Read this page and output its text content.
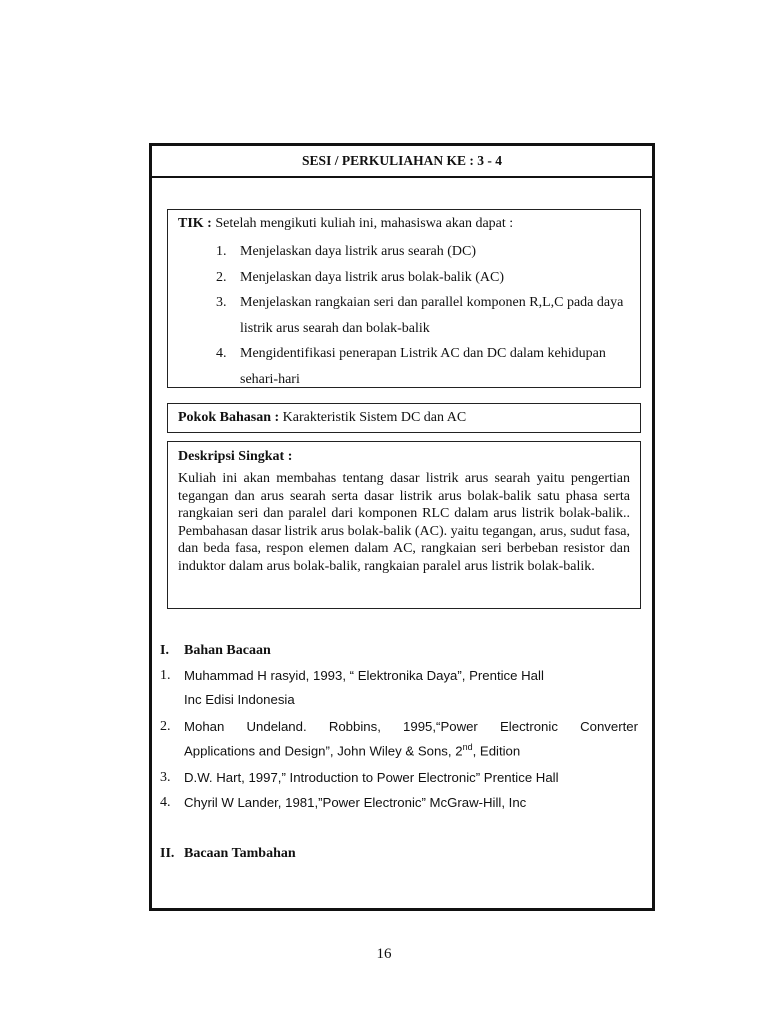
SESI / PERKULIAHAN KE : 3 - 4
TIK : Setelah mengikuti kuliah ini, mahasiswa akan dapat :
1. Menjelaskan daya listrik arus searah (DC)
2. Menjelaskan daya listrik arus bolak-balik (AC)
3. Menjelaskan rangkaian seri dan parallel komponen R,L,C pada daya listrik arus searah dan bolak-balik
4. Mengidentifikasi penerapan Listrik AC dan DC dalam kehidupan sehari-hari
Pokok Bahasan : Karakteristik Sistem DC dan AC
Deskripsi Singkat :
Kuliah ini akan membahas tentang dasar listrik arus searah yaitu pengertian tegangan dan arus searah serta dasar listrik arus bolak-balik satu phasa serta rangkaian seri dan paralel dari komponen RLC dalam arus listrik bolak-balik.. Pembahasan dasar listrik arus bolak-balik (AC). yaitu tegangan, arus, sudut fasa, dan beda fasa, respon elemen dalam AC, rangkaian seri berbeban resistor dan induktor dalam arus bolak-balik, rangkaian paralel arus listrik bolak-balik.
I. Bahan Bacaan
1. Muhammad H rasyid, 1993, “ Elektronika Daya”, Prentice Hall
Inc Edisi Indonesia
2. Mohan Undeland. Robbins, 1995,“Power Electronic Converter
Applications and Design”, John Wiley & Sons, 2nd, Edition
3. D.W. Hart, 1997,” Introduction to Power Electronic” Prentice Hall
4. Chyril W Lander, 1981,”Power Electronic” McGraw-Hill, Inc
II. Bacaan Tambahan
16
